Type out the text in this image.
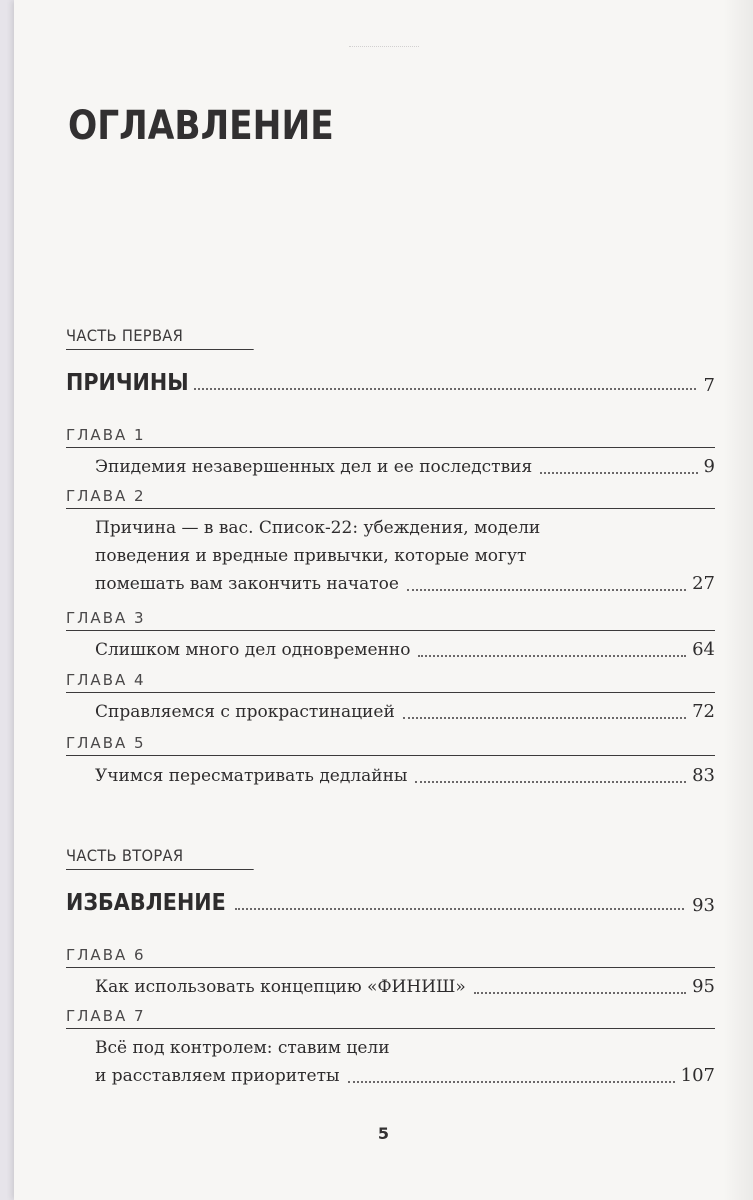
ОГЛАВЛЕНИЕ
ЧАСТЬ ПЕРВАЯ
ПРИЧИНЫ	7
ГЛАВА 1
Эпидемия незавершенных дел и ее последствия	9
ГЛАВА 2
Причина — в вас. Список-22: убеждения, модели
поведения и вредные привычки, которые могут
помешать вам закончить начатое	27
ГЛАВА 3
Слишком много дел одновременно	64
ГЛАВА 4
Справляемся с прокрастинацией	72
ГЛАВА 5
Учимся пересматривать дедлайны	83
ЧАСТЬ ВТОРАЯ
ИЗБАВЛЕНИЕ	93
ГЛАВА 6
Как использовать концепцию «ФИНИШ»	95
ГЛАВА 7
Всё под контролем: ставим цели
и расставляем приоритеты	107
5
